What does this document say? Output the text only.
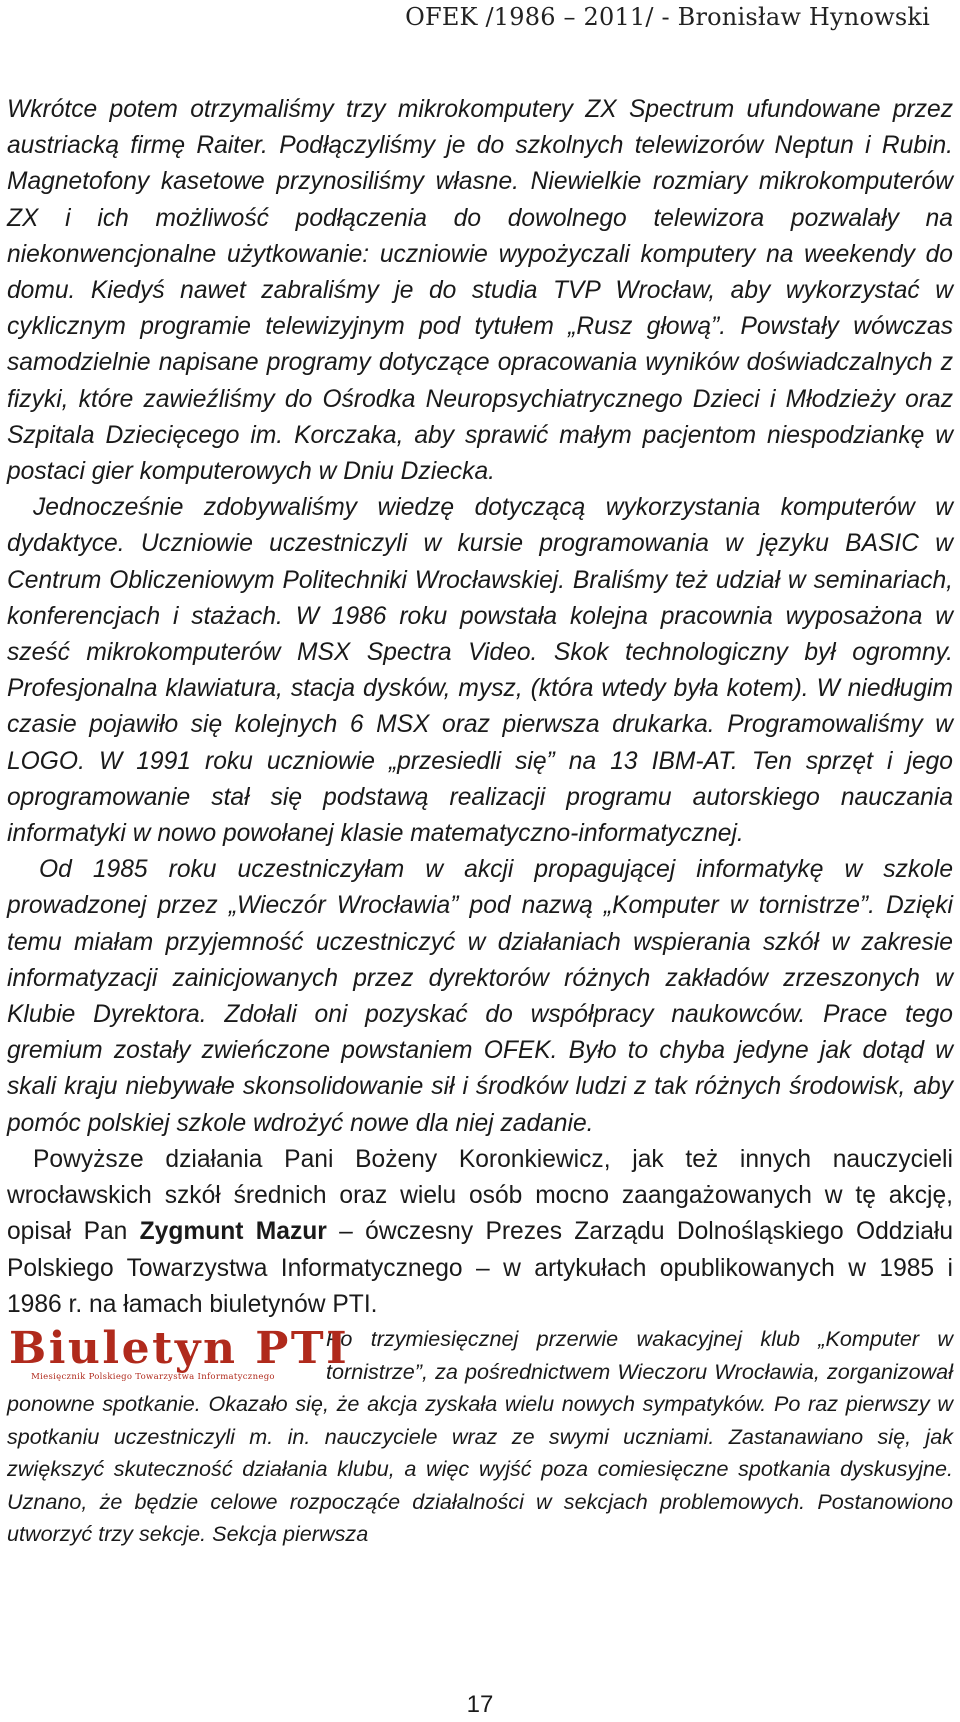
OFEK /1986 – 2011/ - Bronisław Hynowski

Wkrótce potem otrzymaliśmy trzy mikrokomputery ZX Spectrum ufundowane przez austriacką firmę Raiter. Podłączyliśmy je do szkolnych telewizorów Neptun i Rubin. Magnetofony kasetowe przynosiliśmy własne. Niewielkie rozmiary mikrokomputerów ZX i ich możliwość podłączenia do dowolnego telewizora pozwalały na niekonwencjonalne użytkowanie: uczniowie wypożyczali komputery na weekendy do domu. Kiedyś nawet zabraliśmy je do studia TVP Wrocław, aby wykorzystać w cyklicznym programie telewizyjnym pod tytułem „Rusz głową”. Powstały wówczas samodzielnie napisane programy dotyczące opracowania wyników doświadczalnych z fizyki, które zawieźliśmy do Ośrodka Neuropsychiatrycznego Dzieci i Młodzieży oraz Szpitala Dziecięcego im. Korczaka, aby sprawić małym pacjentom niespodziankę w postaci gier komputerowych w Dniu Dziecka.

Jednocześnie zdobywaliśmy wiedzę dotyczącą wykorzystania komputerów w dydaktyce. Uczniowie uczestniczyli w kursie programowania w języku BASIC w Centrum Obliczeniowym Politechniki Wrocławskiej. Braliśmy też udział w seminariach, konferencjach i stażach. W 1986 roku powstała kolejna pracownia wyposażona w sześć mikrokomputerów MSX Spectra Video. Skok technologiczny był ogromny. Profesjonalna klawiatura, stacja dysków, mysz, (która wtedy była kotem). W niedługim czasie pojawiło się kolejnych 6 MSX oraz pierwsza drukarka. Programowaliśmy w LOGO. W 1991 roku uczniowie „przesiedli się” na 13 IBM-AT. Ten sprzęt i jego oprogramowanie stał się podstawą realizacji programu autorskiego nauczania informatyki w nowo powołanej klasie matematyczno-informatycznej.

Od 1985 roku uczestniczyłam w akcji propagującej informatykę w szkole prowadzonej przez „Wieczór Wrocławia” pod nazwą „Komputer w tornistrze”. Dzięki temu miałam przyjemność uczestniczyć w działaniach wspierania szkół w zakresie informatyzacji zainicjowanych przez dyrektorów różnych zakładów zrzeszonych w Klubie Dyrektora. Zdołali oni pozyskać do współpracy naukowców. Prace tego gremium zostały zwieńczone powstaniem OFEK. Było to chyba jedyne jak dotąd w skali kraju niebywałe skonsolidowanie sił i środków ludzi z tak różnych środowisk, aby pomóc polskiej szkole wdrożyć nowe dla niej zadanie.

Powyższe działania Pani Bożeny Koronkiewicz, jak też innych nauczycieli wrocławskich szkół średnich oraz wielu osób mocno zaangażowanych w tę akcję, opisał Pan Zygmunt Mazur – ówczesny Prezes Zarządu Dolnośląskiego Oddziału Polskiego Towarzystwa Informatycznego – w artykułach opublikowanych w 1985 i 1986 r. na łamach biuletynów PTI.

Biuletyn PTI
Miesięcznik Polskiego Towarzystwa Informatycznego

Po trzymiesięcznej przerwie wakacyjnej klub „Komputer w tornistrze”, za pośrednictwem Wieczoru Wrocławia, zorganizował ponowne spotkanie. Okazało się, że akcja zyskała wielu nowych sympatyków. Po raz pierwszy w spotkaniu uczestniczyli m. in. nauczyciele wraz ze swymi uczniami. Zastanawiano się, jak zwiększyć skuteczność działania klubu, a więc wyjść poza comiesięczne spotkania dyskusyjne. Uznano, że będzie celowe rozpocząće działalności w sekcjach problemowych. Postanowiono utworzyć trzy sekcje. Sekcja pierwsza

17
